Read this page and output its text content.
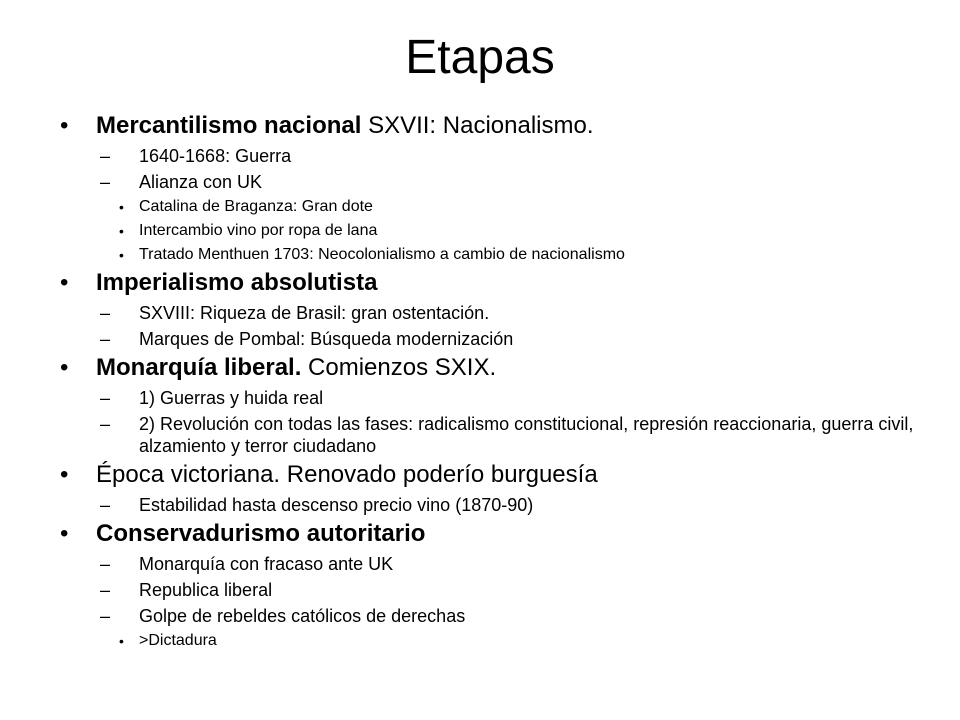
Etapas
• Mercantilismo nacional SXVII: Nacionalismo.
– 1640-1668: Guerra
– Alianza con UK
• Catalina de Braganza: Gran dote
• Intercambio vino por ropa de lana
• Tratado Menthuen 1703: Neocolonialismo a cambio de nacionalismo
• Imperialismo absolutista
– SXVIII: Riqueza de Brasil: gran ostentación.
– Marques de Pombal: Búsqueda modernización
• Monarquía liberal. Comienzos SXIX.
– 1) Guerras y huida real
– 2) Revolución con todas las fases: radicalismo constitucional, represión reaccionaria, guerra civil, alzamiento y terror ciudadano
• Época victoriana. Renovado poderío burguesía
– Estabilidad hasta descenso precio vino (1870-90)
• Conservadurismo autoritario
– Monarquía con fracaso ante UK
– Republica liberal
– Golpe de rebeldes católicos de derechas
• >Dictadura
